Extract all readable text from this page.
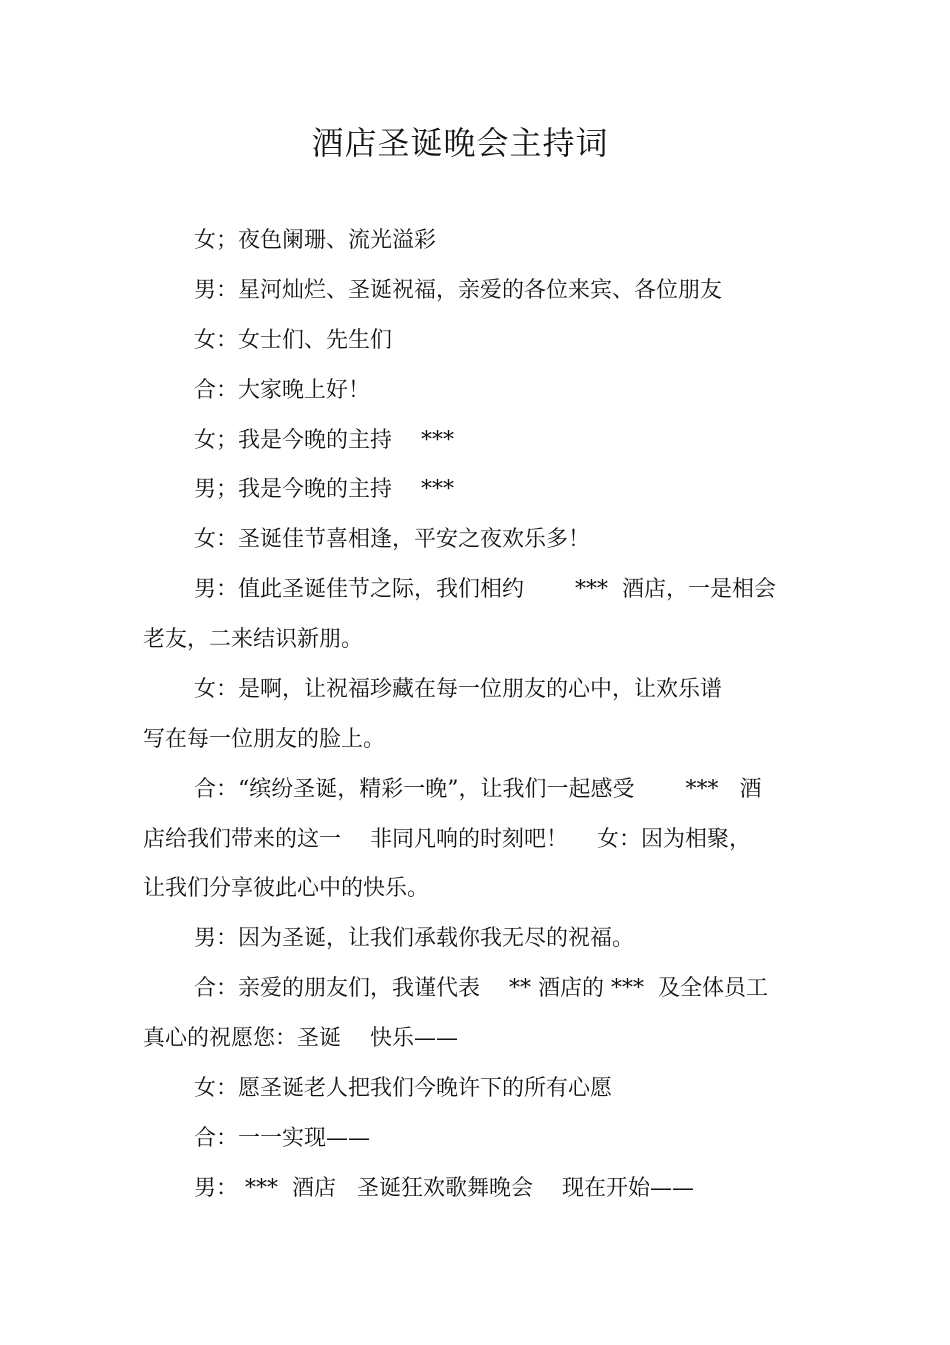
酒店圣诞晚会主持词
女；夜色阑珊、流光溢彩
男：星河灿烂、圣诞祝福，亲爱的各位来宾、各位朋友
女：女士们、先生们
合：大家晚上好！
女；我是今晚的主持　 ***
男；我是今晚的主持　 ***
女：圣诞佳节喜相逢，平安之夜欢乐多！
男：值此圣诞佳节之际，我们相约　　 ***  酒店，一是相会
老友，二来结识新朋。
女：是啊，让祝福珍藏在每一位朋友的心中，让欢乐谱
写在每一位朋友的脸上。
合：“缤纷圣诞，精彩一晚”，让我们一起感受　　 ***   酒
店给我们带来的这一　 非同凡响的时刻吧！　 女：因为相聚，
让我们分享彼此心中的快乐。
男：因为圣诞，让我们承载你我无尽的祝福。
合：亲爱的朋友们，我谨代表　 ** 酒店的 ***  及全体员工
真心的祝愿您：圣诞　 快乐——
女：愿圣诞老人把我们今晚许下的所有心愿
合：一一实现——
男： ***  酒店   圣诞狂欢歌舞晚会　 现在开始——
